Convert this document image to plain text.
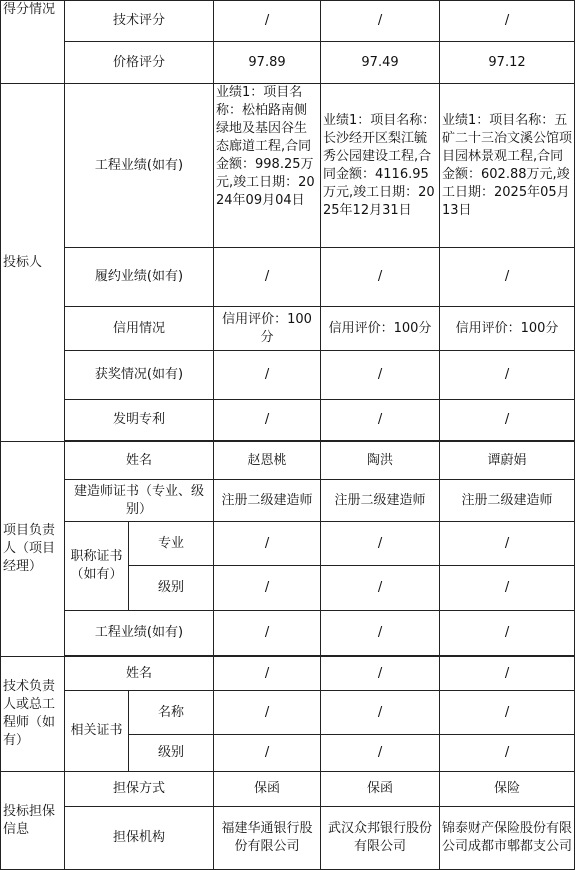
得分情况	技术评分		/	/	/
	价格评分		97.89	97.49	97.12
投标人	工程业绩(如有)		业绩1：项目名称：松柏路南侧绿地及基因谷生态廊道工程,合同金额：998.25万元,竣工日期：2024年09月04日	业绩1：项目名称：长沙经开区梨江毓秀公园建设工程,合同金额：4116.95万元,竣工日期：2025年12月31日	业绩1：项目名称：五矿二十三冶文溪公馆项目园林景观工程,合同金额：602.88万元,竣工日期：2025年05月13日
	履约业绩(如有)		/	/	/
	信用情况		信用评价：100分	信用评价：100分	信用评价：100分
	获奖情况(如有)		/	/	/
	发明专利		/	/	/

项目负责人（项目经理）	姓名		赵恩桃	陶洪	谭蔚娟
	建造师证书（专业、级别）		注册二级建造师	注册二级建造师	注册二级建造师
	职称证书（如有）	专业	/	/	/
		级别	/	/	/
	工程业绩(如有)		/	/	/

技术负责人或总工程师（如有）	姓名		/	/	/
	相关证书	名称	/	/	/
		级别	/	/	/
投标担保信息	担保方式		保函	保函	保险
	担保机构		福建华通银行股份有限公司	武汉众邦银行股份有限公司	锦泰财产保险股份有限公司成都市郫都支公司
